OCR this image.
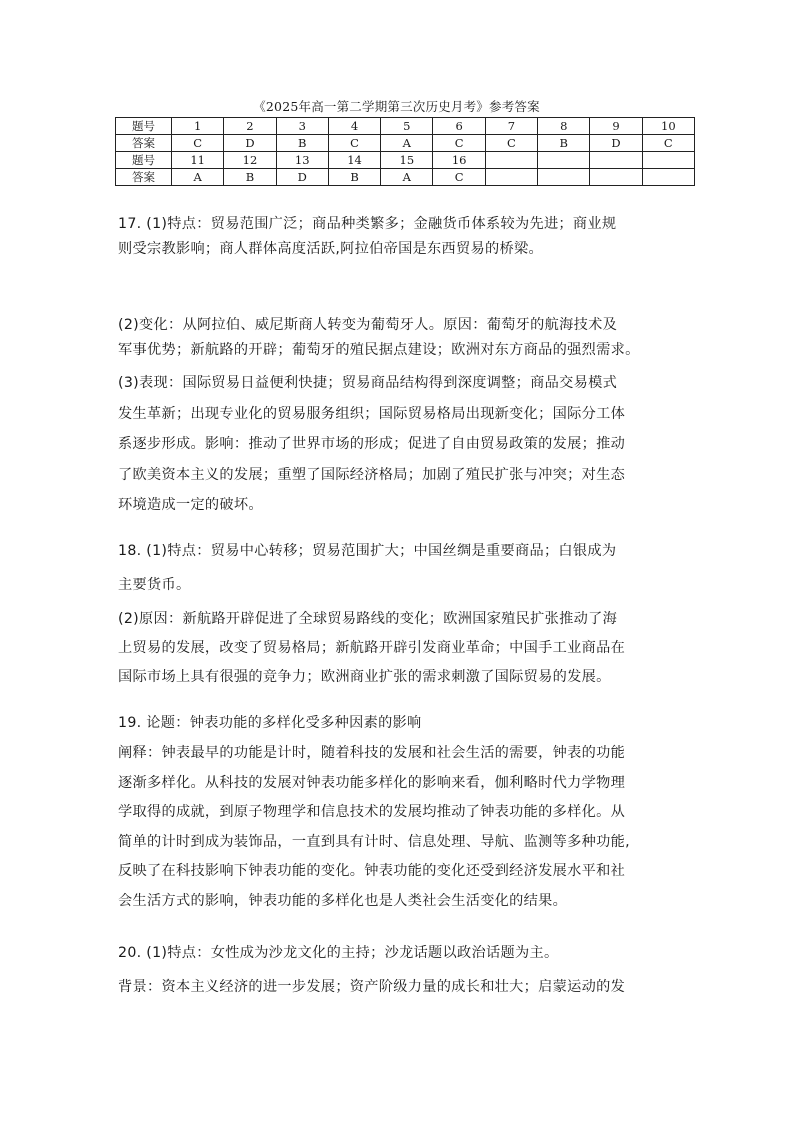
《2025年高一第二学期第三次历史月考》参考答案
题号	1	2	3	4	5	6	7	8	9	10
答案	C	D	B	C	A	C	C	B	D	C
题号	11	12	13	14	15	16				
答案	A	B	D	B	A	C				
17. (1)特点：贸易范围广泛；商品种类繁多；金融货币体系较为先进；商业规
则受宗教影响；商人群体高度活跃,阿拉伯帝国是东西贸易的桥梁。
(2)变化：从阿拉伯、威尼斯商人转变为葡萄牙人。原因：葡萄牙的航海技术及
军事优势；新航路的开辟；葡萄牙的殖民据点建设；欧洲对东方商品的强烈需求。
(3)表现：国际贸易日益便利快捷；贸易商品结构得到深度调整；商品交易模式
发生革新；出现专业化的贸易服务组织；国际贸易格局出现新变化；国际分工体
系逐步形成。影响：推动了世界市场的形成；促进了自由贸易政策的发展；推动
了欧美资本主义的发展；重塑了国际经济格局；加剧了殖民扩张与冲突；对生态
环境造成一定的破坏。
18. (1)特点：贸易中心转移；贸易范围扩大；中国丝绸是重要商品；白银成为
主要货币。
(2)原因：新航路开辟促进了全球贸易路线的变化；欧洲国家殖民扩张推动了海
上贸易的发展，改变了贸易格局；新航路开辟引发商业革命；中国手工业商品在
国际市场上具有很强的竞争力；欧洲商业扩张的需求刺激了国际贸易的发展。
19. 论题：钟表功能的多样化受多种因素的影响
阐释：钟表最早的功能是计时，随着科技的发展和社会生活的需要，钟表的功能
逐渐多样化。从科技的发展对钟表功能多样化的影响来看，伽利略时代力学物理
学取得的成就，到原子物理学和信息技术的发展均推动了钟表功能的多样化。从
简单的计时到成为装饰品，一直到具有计时、信息处理、导航、监测等多种功能,
反映了在科技影响下钟表功能的变化。钟表功能的变化还受到经济发展水平和社
会生活方式的影响，钟表功能的多样化也是人类社会生活变化的结果。
20. (1)特点：女性成为沙龙文化的主持；沙龙话题以政治话题为主。
背景：资本主义经济的进一步发展；资产阶级力量的成长和壮大；启蒙运动的发
